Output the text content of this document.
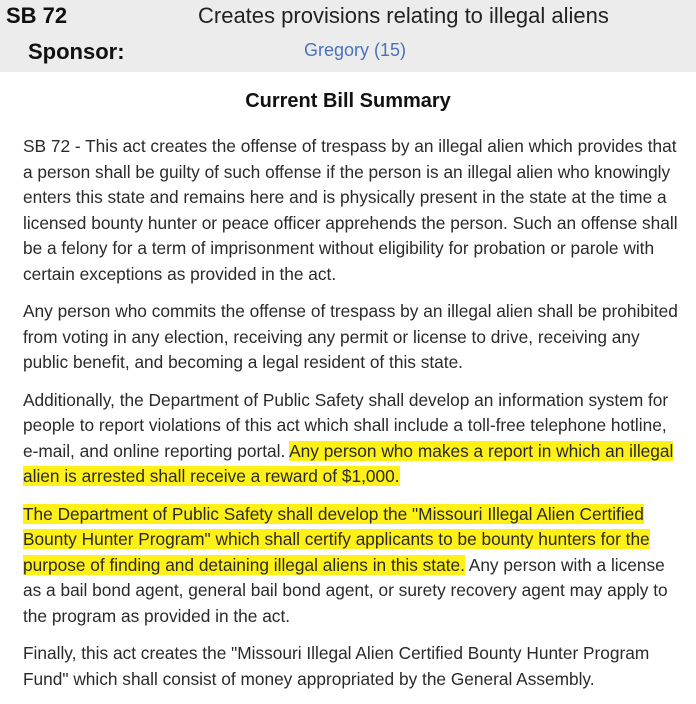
SB 72	Creates provisions relating to illegal aliens
Sponsor:	Gregory (15)
Current Bill Summary

SB 72 - This act creates the offense of trespass by an illegal alien which provides that a person shall be guilty of such offense if the person is an illegal alien who knowingly enters this state and remains here and is physically present in the state at the time a licensed bounty hunter or peace officer apprehends the person. Such an offense shall be a felony for a term of imprisonment without eligibility for probation or parole with certain exceptions as provided in the act.

Any person who commits the offense of trespass by an illegal alien shall be prohibited from voting in any election, receiving any permit or license to drive, receiving any public benefit, and becoming a legal resident of this state.

Additionally, the Department of Public Safety shall develop an information system for people to report violations of this act which shall include a toll-free telephone hotline, e-mail, and online reporting portal. Any person who makes a report in which an illegal alien is arrested shall receive a reward of $1,000.

The Department of Public Safety shall develop the "Missouri Illegal Alien Certified Bounty Hunter Program" which shall certify applicants to be bounty hunters for the purpose of finding and detaining illegal aliens in this state. Any person with a license as a bail bond agent, general bail bond agent, or surety recovery agent may apply to the program as provided in the act.

Finally, this act creates the "Missouri Illegal Alien Certified Bounty Hunter Program Fund" which shall consist of money appropriated by the General Assembly.
